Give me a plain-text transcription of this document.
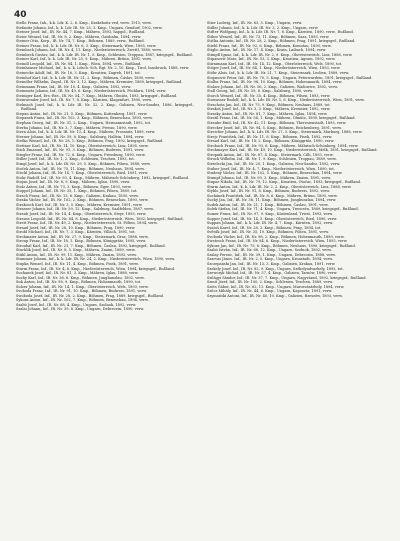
40

Stello Franz, Inh., k.k. Ldr. K. 2, 6. Kmp., Krakehoitz ved, verw. 1915, verw.

Stefanitz Johann, Inf., k. k. Ldr. IR. Nr. 25, 3. Kmp., Ungarn, Gendorf, 1902, verw.

Stetner Josef, Inf., IR. Nr. 44, 7. Kmp., Mähren, 1893, hapgol., Rußland.

Steier Wenzel, Inf., IR. Nr. 8, 2. Kmp., Mähren, Gaisbalm, 1894, verw.

Steiner Otto, Korp., IR. Nr. 74, 7. Kmp., Böhmen, 1889, verw., Rußland.

Steiner Franz, Inf., k. k. Ldr. IR. Nr. 6, 3. Kmp., Steiermark, Wien, 1895, verw.

Steinbach Johann, Inf., IR. Nr. 4, 11. Kmp., Niederösterreich, Zwettl, 1880, verw.

Steinbeck Gustav, Inf., k. k. Ldr. IR. Nr. 1, 5. Kmp., Schlesien, Troppau, 1887, kriegsgef., Rußland.

Steiner Karl, Inf., k. k. Ldr. IR. Nr. 25, 9. Kmp., Mähren, Brünn, 1891, verw.

Steindl Leopold, Inf., IR. Nr. 84, 1. Kmp., Wien, 1894, verw., Rußland.

Steinhauser Michael, Inf., k. u. k. Ldsch.-Sch. Rgt. Nr. 2, 10. Kmp., Tirol, Innsbruck, 1888, verw.

Steinecke Adolf, Inf., IR. Nr. 16, 3. Kmp., Kroatien, Zagreb, 1891, tot.

Steinhof Karl, Inf., k. k. Ldr. IR. Nr. 21, 2. Kmp., Böhmen, Čáslav, 1890, verw.

Steindler Wilhelm, Zugsf., IR. Nr. 3, 12. Kmp., Mähren, Kremsier, 1889, kriegsgef., Rußland.

Steinmann Franz, Inf., IR. Nr. 10, 4. Kmp., Galizien, 1892, verw.

Steinmetz Johann, Inf., IR. Nr. 49, 6. Kmp., Niederösterreich, Pöchlarn, 1894, verw.

Steiniger Karl, Ers.-Res., IR. Nr. 54, 7. Kmp., Mähren, Olmütz, 1893, kriegsgef., Rußland.

Steinwender Josef, Inf., IR. Nr. 7, 8. Kmp., Kärnten, Klagenfurt, 1890, verw.

Stelmach Josef, Inf., k. k. Ldr. IR. Nr. 32, 2. Kmp., Galizien, Neu-Sandez, 1896, kriegsgef., Rußland.

Stepan Anton, Inf., IR. Nr. 21, 5. Kmp., Böhmen, Kuttenberg, 1891, verw.

Stepanek Franz, Inf., IR. Nr. 102, 3. Kmp., Böhmen, Beneschau, 1893, verw.

Stephan Georg, Inf., IR. Nr. 31, 2. Kmp., Ungarn, Hermannstadt, 1892, tot.

Sterba Johann, Inf., IR. Nr. 3, 7. Kmp., Mähren, Prerau, 1890, verw.

Stern Alois, Inf., k. k. Ldr. IR. Nr. 13, 4. Kmp., Mähren, Prossnitz, 1889, verw.

Sterner Johann, Inf., IR. Nr. 59, 8. Kmp., Salzburg, Hallein, 1894, verw.

Stetka Wenzel, Inf., IR. Nr. 28, 1. Kmp., Böhmen, Prag, 1892, kriegsgef., Rußland.

Stettner Karl, Inf., IR. Nr. 14, 10. Kmp., Oberösterreich, Linz, 1895, verw.

Stich Emanuel, Inf., IR. Nr. 91, 3. Kmp., Böhmen, Budweis, 1891, verw.

Stiegler Franz, Inf., IR. Nr. 72, 6. Kmp., Ungarn, Pressburg, 1890, verw.

Stiller Josef, Inf., IR. Nr. 1, 2. Kmp., Schlesien, Teschen, 1893, tot.

Stingl Josef, Inf., k. k. Ldr. IR. Nr. 29, 5. Kmp., Böhmen, Pilsen, 1888, verw.

Stoček Anton, Inf., IR. Nr. 75, 11. Kmp., Böhmen, Neuhaus, 1894, verw.

Stöckl Johann, Inf., IR. Nr. 14, 7. Kmp., Oberösterreich, Ried, 1891, verw.

Stohr Rudolf, Inf., IR. Nr. 93, 4. Kmp., Mähren, Mährisch-Schönberg, 1892, kriegsgef., Rußland.

Stojan Josef, Inf., IR. Nr. 8, 9. Kmp., Mähren, Iglau, 1890, verw.

Stolz Anton, Inf., IR. Nr. 73, 3. Kmp., Böhmen, Eger, 1893, verw.

Stoppel Johann, Inf., IR. Nr. 35, 1. Kmp., Böhmen, Pilsen, 1889, tot.

Strach Franz, Inf., IR. Nr. 13, 6. Kmp., Galizien, Krakau, 1895, verw.

Straka Václav, Inf., IR. Nr. 102, 2. Kmp., Böhmen, Beneschau, 1890, verw.

Strakosch Karl, Inf., IR. Nr. 3, 5. Kmp., Mähren, Kremsier, 1891, verw.

Strasser Johann, Inf., IR. Nr. 59, 12. Kmp., Salzburg, Saalfelden, 1887, verw.

Straub Josef, Inf., IR. Nr. 14, 4. Kmp., Oberösterreich, Steyr, 1893, verw.

Strauss Leopold, Inf., IR. Nr. 84, 8. Kmp., Niederösterreich, Wien, 1892, kriegsgef., Rußland.

Streit Franz, Inf., IR. Nr. 49, 2. Kmp., Niederösterreich, St. Pölten, 1894, verw.

Strnad Josef, Inf., IR. Nr. 28, 10. Kmp., Böhmen, Prag, 1890, verw.

Strobl Michael, Inf., IR. Nr. 7, 3. Kmp., Kärnten, Villach, 1891, tot.

Strohmaier Anton, Inf., IR. Nr. 27, 9. Kmp., Steiermark, Graz, 1888, verw.

Stroup Franz, Inf., IR. Nr. 18, 1. Kmp., Böhmen, Königgrätz, 1895, verw.

Strouhal Karl, Inf., IR. Nr. 21, 7. Kmp., Böhmen, Časlau, 1892, kriegsgef., Rußland.

Stuchlik Josef, Inf., IR. Nr. 8, 5. Kmp., Mähren, Znaim, 1889, verw.

Stühl Anton, Inf., IR. Nr. 99, 11. Kmp., Mähren, Znaim, 1893, verw.

Stummer Johann, Inf., k. k. Ldr. IR. Nr. 24, 2. Kmp., Niederösterreich, Wien, 1890, verw.

Stupka Wenzel, Inf., IR. Nr. 11, 4. Kmp., Böhmen, Pisek, 1891, verw.

Sturm Franz, Inf., IR. Nr. 4, 8. Kmp., Niederösterreich, Wien, 1894, kriegsgef., Rußland.

Suchanek Josef, Inf., IR. Nr. 81, 3. Kmp., Mähren, Iglau, 1888, verw.

Suchy Karl, Inf., IR. Nr. 36, 6. Kmp., Böhmen, Jungbunzlau, 1892, verw.

Suk Anton, Inf., IR. Nr. 98, 9. Kmp., Böhmen, Hohenmauth, 1890, tot.

Sulzer Johann, Inf., IR. Nr. 14, 1. Kmp., Oberösterreich, Wels, 1893, verw.

Svoboda Franz, Inf., IR. Nr. 91, 10. Kmp., Böhmen, Budweis, 1891, verw.

Swoboda Josef, Inf., IR. Nr. 28, 2. Kmp., Böhmen, Prag, 1889, kriegsgef., Rußland.

Sykora Anton, Inf., IR. Nr. 102, 7. Kmp., Böhmen, Beneschau, 1894, verw.

Szabó Josef, Inf., IR. Nr. 68, 4. Kmp., Ungarn, Szolnok, 1892, verw.

Szalai Johann, Inf., IR. Nr. 39, 8. Kmp., Ungarn, Debreczin, 1890, verw.

Stier Ludwig, Inf., IR. Nr. 83, 5. Kmp., Ungarn, verw.

Stiller Johann, Inf., k. k. Ldr. IR. Nr. 3, 2. Kmp., Ungarn, verw.

Stifter Wolfgang, Inf., k. k. Ldr. IR. Nr. 7, 8. Kmp., Kärnten, 1890, verw., Rußland.

Stibor Wenzel, Inf., IR. Nr. 73, 11. Kmp., Böhmen, Saaz, 1893, verw.

Stička Antonín, Inf., IR. Nr. 28, 2. Kmp., Böhmen, Prag, 1891, kriegsgef., Rußland.

Stiehl Franz, Inf., IR. Nr. 92, 6. Kmp., Böhmen, Komotau, 1890, verw.

Stiglic Anton, Inf., IR. Nr. 17, 4. Kmp., Krain, Laibach, 1894, verw.

Stimpfl Ignaz, Inf., k. k. Ldr. IR. Nr. 2, 9. Kmp., Oberösterreich, Linz, 1888, verw.

Stipanović Mato, Inf., IR. Nr. 53, 3. Kmp., Kroatien, Agram, 1892, verw.

Stirnimann Karl, Inf., IR. Nr. 14, 12. Kmp., Oberösterreich, Wels, 1890, tot.

Stöger Josef, Inf., IR. Nr. 84, 1. Kmp., Niederösterreich, Wien, 1893, verw.

Stöhr Alois, Inf., k. k. Ldr. IR. Nr. 21, 7. Kmp., Steiermark, Leoben, 1889, verw.

Stojanović Petar, Inf., IR. Nr. 70, 5. Kmp., Ungarn, Peterwardein, 1891, kriegsgef., Rußland.

Stolba Franz, Inf., IR. Nr. 98, 10. Kmp., Böhmen, Hohenmauth, 1894, verw.

Stolarz Johann, Inf., IR. Nr. 56, 2. Kmp., Galizien, Wadowice, 1892, verw.

Stoll Georg, Inf., IR. Nr. 59, 8. Kmp., Salzburg, 1890, verw.

Storch Wenzel, Inf., IR. Nr. 35, 4. Kmp., Böhmen, Pilsen, 1893, verw.

Stowasser Rudolf, Inf., k. k. Ldr. IR. Nr. 1, 6. Kmp., Niederösterreich, Wien, 1891, verw.

Strachota Jan, Inf., IR. Nr. 75, 9. Kmp., Böhmen, Neuhaus, 1889, tot.

Strakoš Josef, Inf., IR. Nr. 3, 3. Kmp., Mähren, Kremsier, 1892, verw.

Strasky Anton, Inf., IR. Nr. 81, 7. Kmp., Mähren, Iglau, 1894, verw.

Stratil Franz, Inf., IR. Nr. 54, 1. Kmp., Mähren, Olmütz, 1890, kriegsgef., Rußland.

Straube Emil, Inf., IR. Nr. 42, 11. Kmp., Böhmen, Theresienstadt, 1893, verw.

Strecker Josef, Inf., IR. Nr. 94, 5. Kmp., Böhmen, Reichenberg, 1891, verw.

Streicher Johann, Inf., k. k. Ldr. IR. Nr. 27, 3. Kmp., Steiermark, Marburg, 1888, verw.

Strejc František, Inf., IR. Nr. 11, 8. Kmp., Böhmen, Pisek, 1892, verw.

Strnad Karl, Inf., IR. Nr. 18, 2. Kmp., Böhmen, Königgrätz, 1890, verw.

Strobach Franz, Inf., IR. Nr. 93, 6. Kmp., Mähren, Mährisch-Schönberg, 1894, verw.

Strohmayer Karl, Inf., IR. Nr. 49, 10. Kmp., Niederösterreich, Melk, 1891, kriegsgef., Rußland.

Stropnik Anton, Inf., IR. Nr. 87, 4. Kmp., Steiermark, Cilli, 1893, verw.

Struck Wilhelm, Inf., IR. Nr. 1, 9. Kmp., Schlesien, Troppau, 1889, verw.

Strzelecki Jan, Inf., IR. Nr. 20, 1. Kmp., Galizien, Neu-Sandez, 1892, verw.

Stuber Josef, Inf., IR. Nr. 4, 7. Kmp., Niederösterreich, Wien, 1890, tot.

Studený Václav, Inf., IR. Nr. 102, 5. Kmp., Böhmen, Beneschau, 1894, verw.

Stumpf Johann, Inf., IR. Nr. 99, 3. Kmp., Mähren, Znaim, 1891, verw.

Stupar Nikola, Inf., IR. Nr. 79, 12. Kmp., Kroatien, Otočac, 1893, kriegsgef., Rußland.

Sturm Anton, Inf., k. k. Ldr. IR. Nr. 2, 2. Kmp., Oberösterreich, Linz, 1888, verw.

Stýblo Josef, Inf., IR. Nr. 91, 8. Kmp., Böhmen, Budweis, 1892, verw.

Suchánek František, Inf., IR. Nr. 8, 6. Kmp., Mähren, Brünn, 1890, verw.

Suchý Jan, Inf., IR. Nr. 36, 11. Kmp., Böhmen, Jungbunzlau, 1894, verw.

Sudek Anton, Inf., IR. Nr. 21, 1. Kmp., Böhmen, Časlau, 1891, verw.

Sulek Stefan, Inf., IR. Nr. 71, 4. Kmp., Ungarn, Trencsén, 1889, kriegsgef., Rußland.

Sumer Franz, Inf., IR. Nr. 97, 9. Kmp., Küstenland, Triest, 1893, verw.

Supper Josef, Inf., IR. Nr. 14, 5. Kmp., Oberösterreich, Ried, 1890, verw.

Suppan Johann, Inf., k. k. Ldr. IR. Nr. 4, 7. Kmp., Kärnten, 1892, verw.

Svatoš Karel, Inf., IR. Nr. 28, 3. Kmp., Böhmen, Prag, 1894, tot.

Svěrák Josef, Inf., IR. Nr. 35, 10. Kmp., Böhmen, Pilsen, 1891, verw.

Svoboda Václav, Inf., IR. Nr. 98, 2. Kmp., Böhmen, Hohenmauth, 1889, verw.

Swatosch Franz, Inf., IR. Nr. 84, 6. Kmp., Niederösterreich, Wien, 1893, verw.

Sýkora Jan, Inf., IR. Nr. 75, 8. Kmp., Böhmen, Neuhaus, 1890, kriegsgef., Rußland.

Szabó István, Inf., IR. Nr. 68, 12. Kmp., Ungarn, Szolnok, 1892, verw.

Szalay Ferenc, Inf., IR. Nr. 39, 1. Kmp., Ungarn, Debreczin, 1888, verw.

Szarvas János, Inf., IR. Nr. 2, 5. Kmp., Ungarn, Kronstadt, 1894, verw.

Szczepański Jan, Inf., IR. Nr. 13, 3. Kmp., Galizien, Krakau, 1891, verw.

Szekely Josef, Inf., IR. Nr. 82, 9. Kmp., Ungarn, Székelyudvarhely, 1893, tot.

Szewczyk Michał, Inf., IR. Nr. 57, 4. Kmp., Galizien, Tarnów, 1890, verw.

Szilágyi Sándor, Inf., IR. Nr. 37, 7. Kmp., Ungarn, Nagyvárad, 1892, kriegsgef., Rußland.

Szmit Józef, Inf., IR. Nr. 100, 2. Kmp., Schlesien, Teschen, 1889, verw.

Szöts Gábor, Inf., IR. Nr. 62, 11. Kmp., Ungarn, Marosvásárhely, 1894, verw.

Szűcs Mihály, Inf., IR. Nr. 44, 6. Kmp., Ungarn, Kaposvár, 1891, verw.

Szymański Antoni, Inf., IR. Nr. 40, 10. Kmp., Galizien, Rzeszów, 1893, verw.
